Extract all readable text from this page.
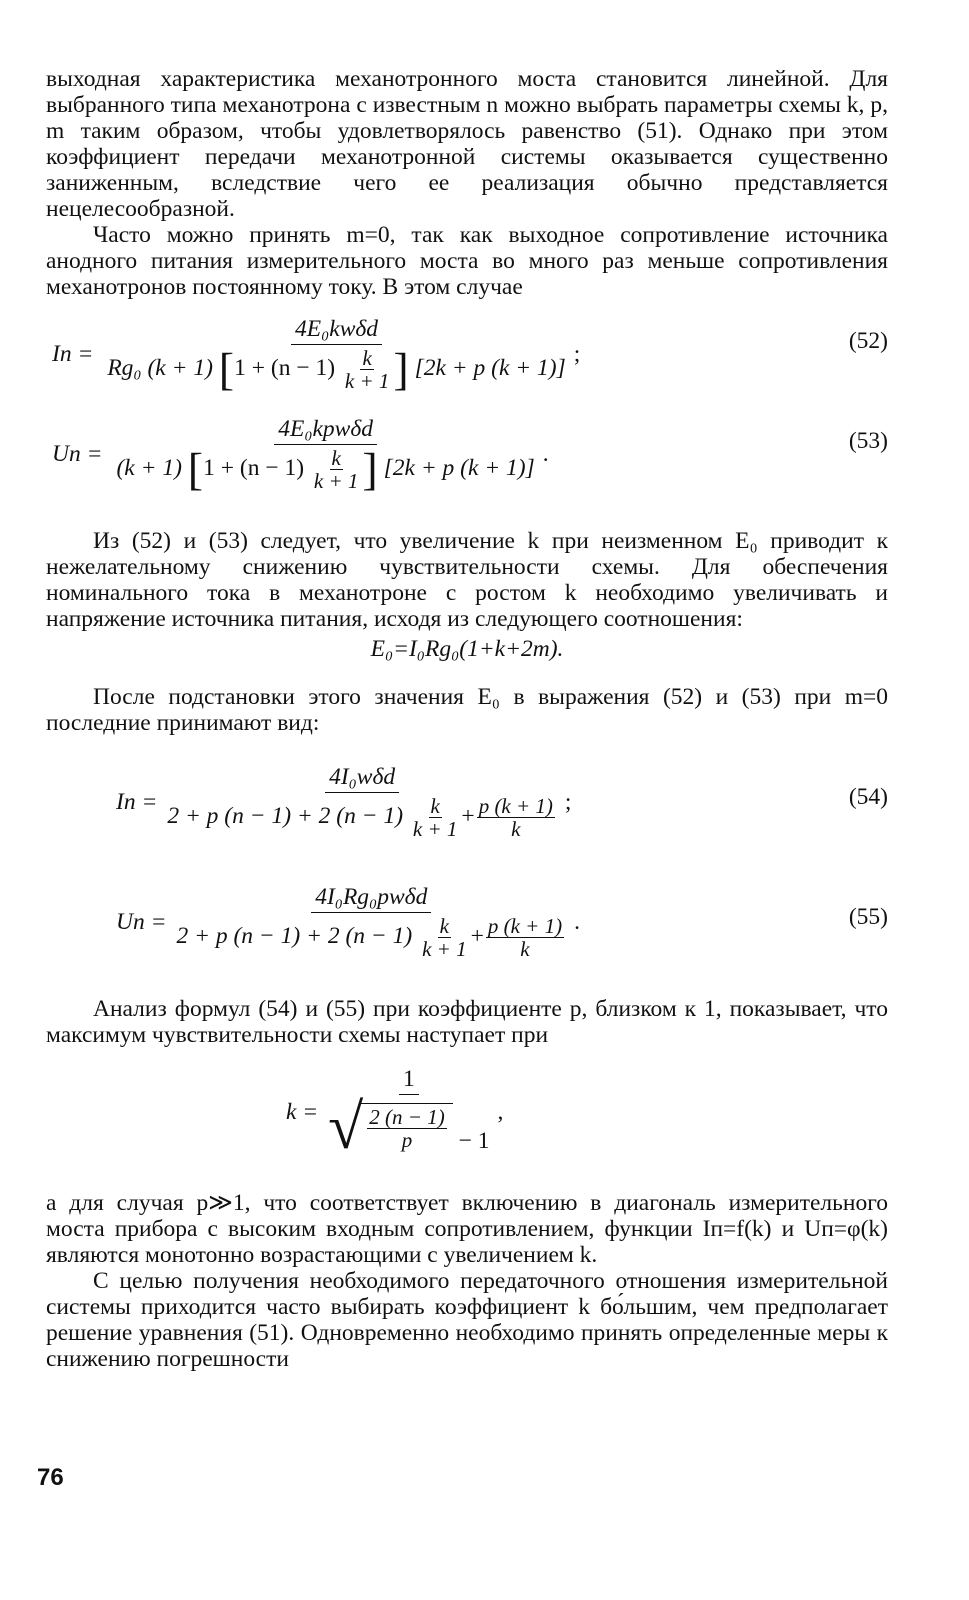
выходная характеристика механотронного моста становится линейной. Для выбранного типа механотрона с известным n можно выбрать параметры схемы k, p, m таким образом, чтобы удовлетворялось равенство (51). Однако при этом коэффициент передачи механотронной системы оказывается существенно заниженным, вследствие чего ее реализация обычно представляется нецелесообразной.

Часто можно принять m=0, так как выходное сопротивление источника анодного питания измерительного моста во много раз меньше сопротивления механотронов постоянному току. В этом случае

Iп =
4E₀kwδd
Rg₀ (k + 1) [$1 + (n - 1) \frac{k}{k + 1}$ ] [2k + p (k + 1)]
;	(52)
Uп =
4E₀kpwδd
(k + 1) [$1 + (n - 1) \frac{k}{k + 1}$ ] [2k + p (k + 1)]
.	(53)

Из (52) и (53) следует, что увеличение k при неизменном E₀ приводит к нежелательному снижению чувствительности схемы. Для обеспечения номинального тока в механотроне с ростом k необходимо увеличивать и напряжение источника питания, исходя из следующего соотношения:

E₀=I₀Rg₀(1+k+2m).

После подстановки этого значения E₀ в выражения (52) и (53) при m=0 последние принимают вид:

Iп = $\frac{\text{4I₀wδd}}{2 + p (n - 1) + 2 (n - 1) \frac{k}{k + 1} + \frac{p (k + 1)}{k}}$ ;	(54)
Uп = $\frac{\text{4I₀Rg₀pwδd}}{2 + p (n - 1) + 2 (n - 1) \frac{k}{k + 1} + \frac{p (k + 1)}{k}}$ .	(55)

Анализ формул (54) и (55) при коэффициенте p, близком к 1, показывает, что максимум чувствительности схемы наступает при

k =
1
√ $\frac{2 (n - 1)}{p} - 1$
,

а для случая p≫1, что соответствует включению в диагональ измерительного моста прибора с высоким входным сопротивлением, функции Iп=f(k) и Uп=φ(k) являются монотонно возрастающими с увеличением k.

С целью получения необходимого передаточного отношения измерительной системы приходится часто выбирать коэффициент k бо́льшим, чем предполагает решение уравнения (51). Одновременно необходимо принять определенные меры к снижению погрешности

76
